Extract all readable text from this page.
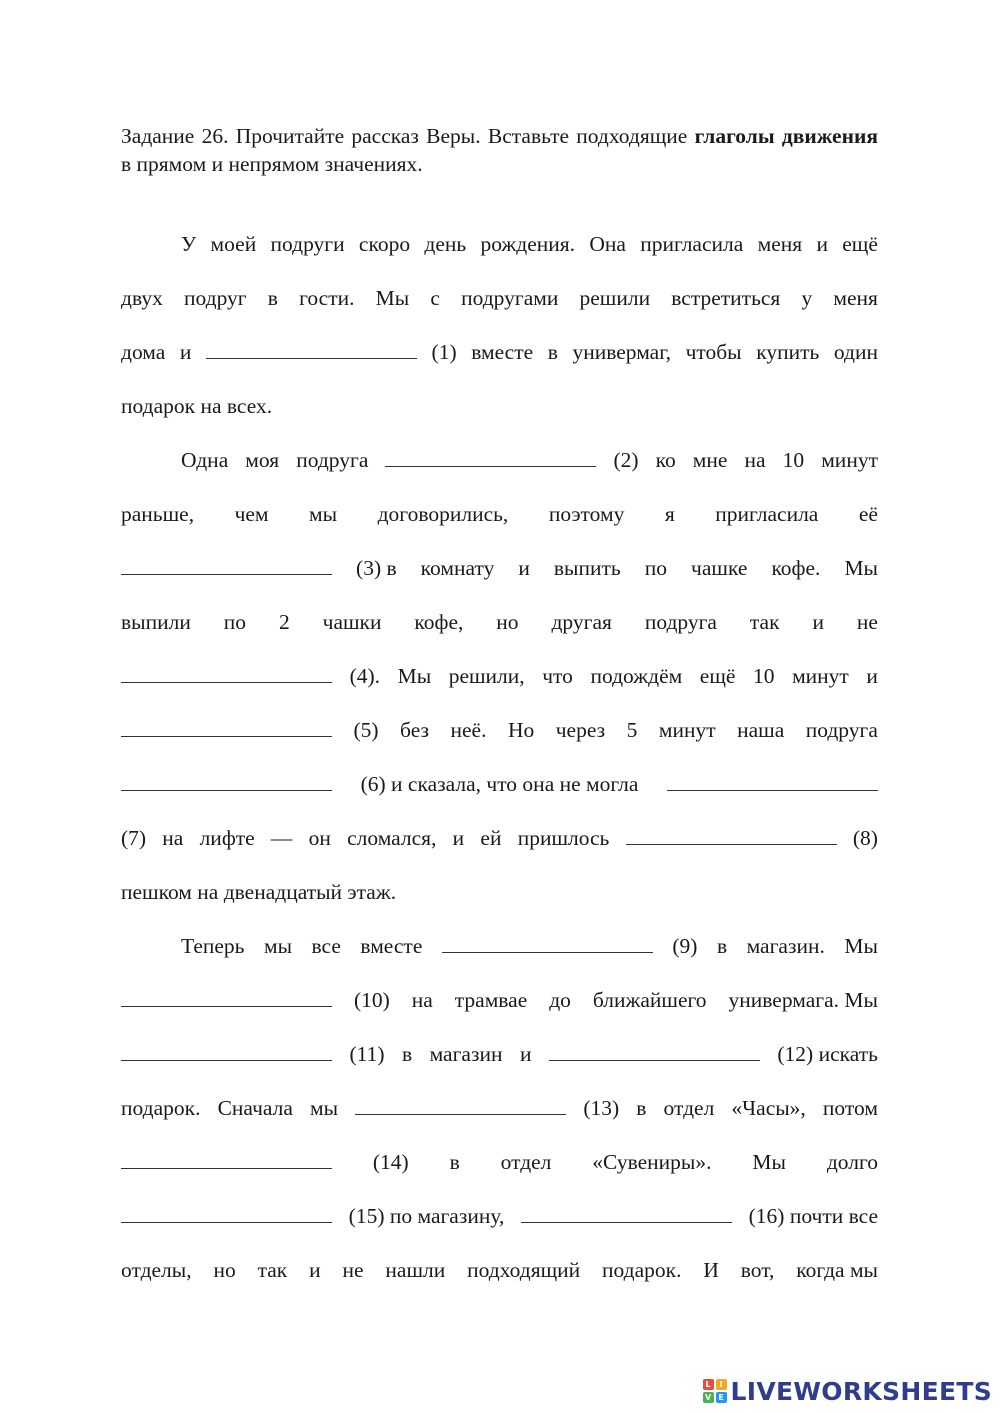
Задание 26. Прочитайте рассказ Веры. Вставьте подходящие глаголы движения в прямом и непрямом значениях.
У моей подруги скоро день рождения. Она пригласила меня и ещё
двух подруг в гости. Мы с подругами решили встретиться у меня
дома и	(1) вместе в универмаг, чтобы купить один
подарок на всех.
Одна моя подруга	(2) ко мне на 10 минут
раньше, чем мы договорились, поэтому я пригласила её
(3) в комнату и выпить по чашке кофе. Мы
выпили по 2 чашки кофе, но другая подруга так и не
(4). Мы решили, что подождём ещё 10 минут и
(5) без неё. Но через 5 минут наша подруга
(6) и сказала, что она не могла
(7) на лифте — он сломался, и ей пришлось	(8)
пешком на двенадцатый этаж.
Теперь мы все вместе	(9) в магазин. Мы
(10) на трамвае до ближайшего универмага. Мы
(11) в магазин и	(12) искать
подарок. Сначала мы	(13) в отдел «Часы», потом
(14) в отдел «Сувениры». Мы долго
(15) по магазину,	(16) почти все
отделы, но так и не нашли подходящий подарок. И вот, когда мы
L	I
V E LIVEWORKSHEETS
